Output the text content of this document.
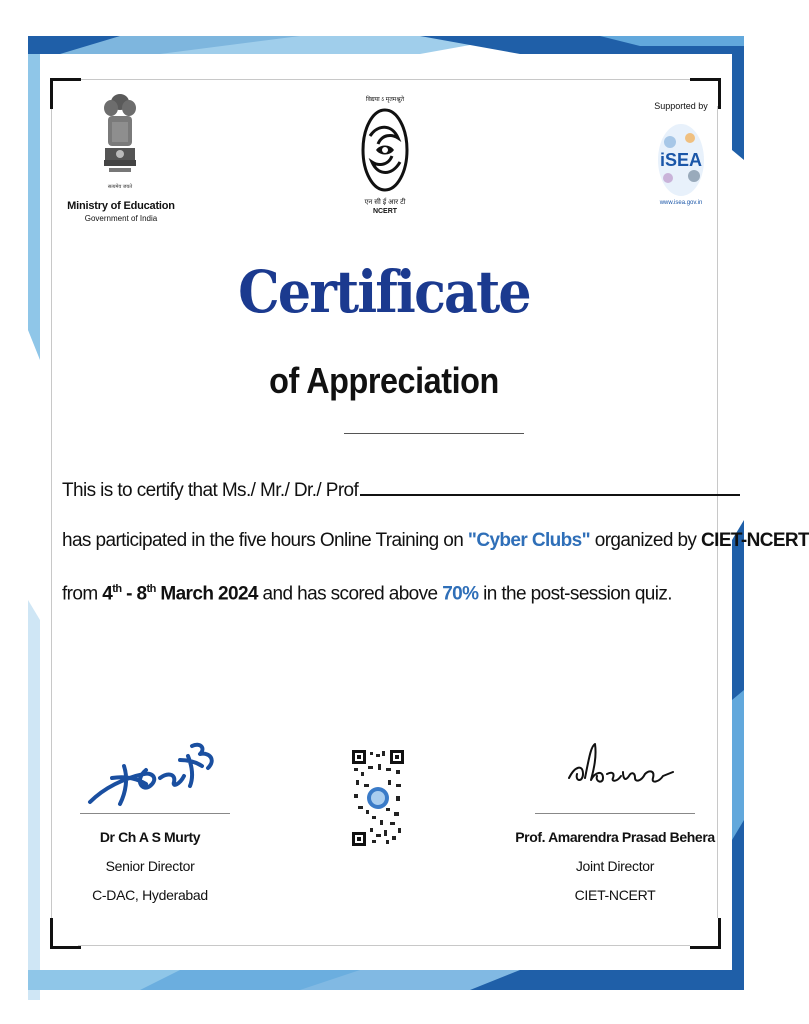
सत्यमेव जयते
Ministry of Education
Government of India
विद्यया ऽ मृतमश्नुते
एन सी ई आर टी
NCERT
Supported by
iSEA
www.isea.gov.in
Certificate
of Appreciation
This is to certify that Ms./ Mr./ Dr./ Prof
has participated in the five hours Online Training on "Cyber Clubs" organized by CIET-NCERT
from 4th - 8th March 2024 and has scored above 70% in the post-session quiz.
Dr Ch A S Murty
Senior Director
C-DAC, Hyderabad
Prof. Amarendra Prasad Behera
Joint Director
CIET-NCERT
